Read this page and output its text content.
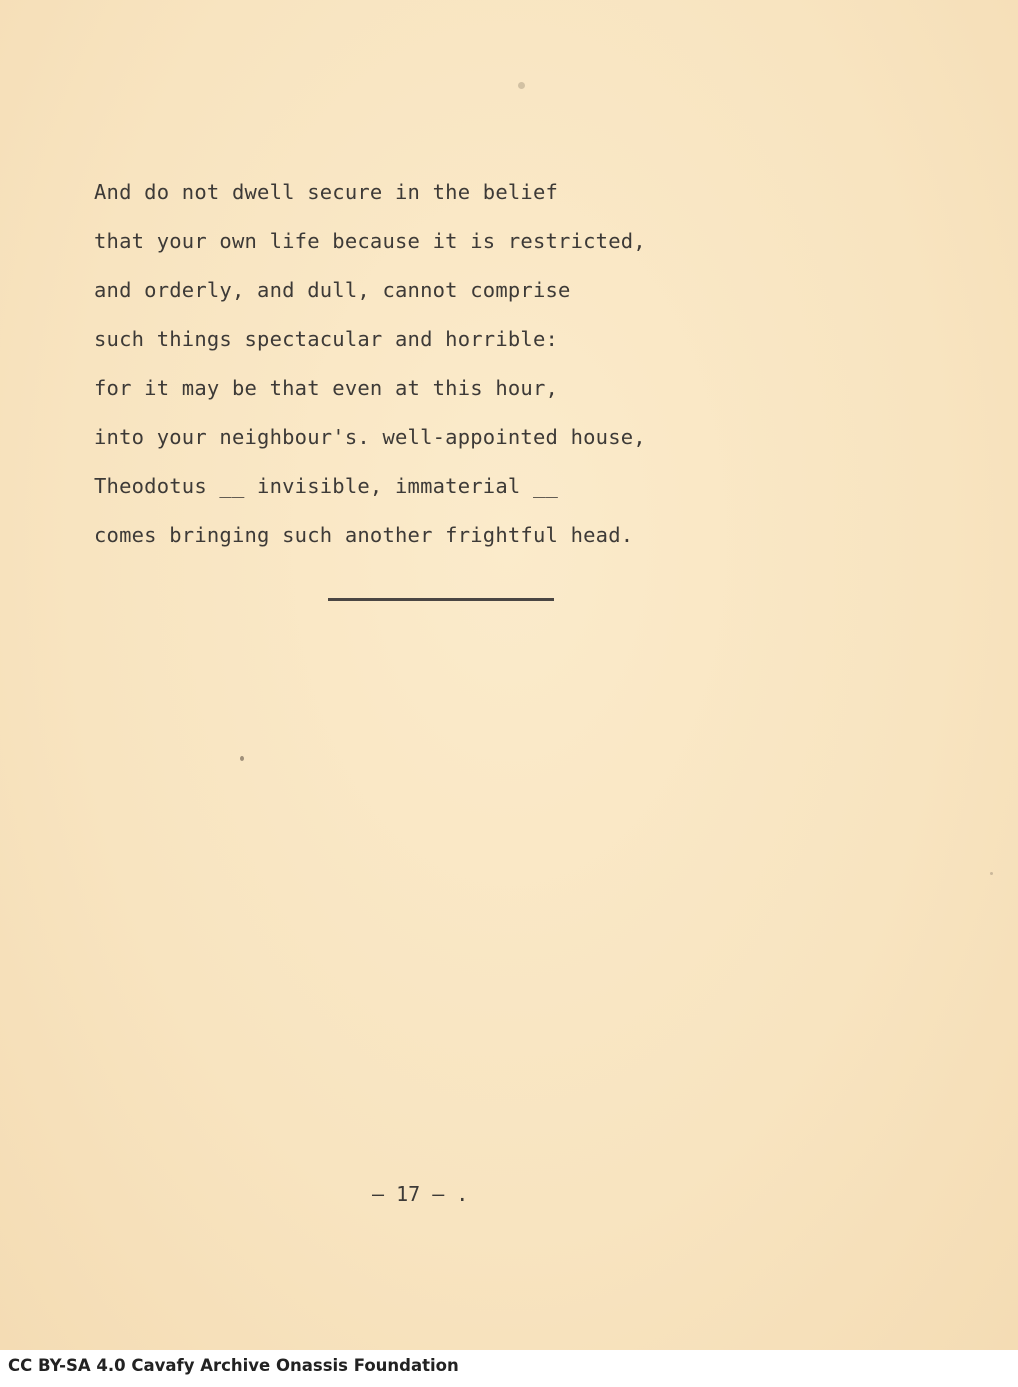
And do not dwell secure in the belief
that your own life because it is restricted,
and orderly, and dull, cannot comprise
such things spectacular and horrible:
for it may be that even at this hour,
into your neighbour's. well-appointed house,
Theodotus __ invisible, immaterial __
comes bringing such another frightful head.
— 17 — .
CC BY-SA 4.0 Cavafy Archive Onassis Foundation
